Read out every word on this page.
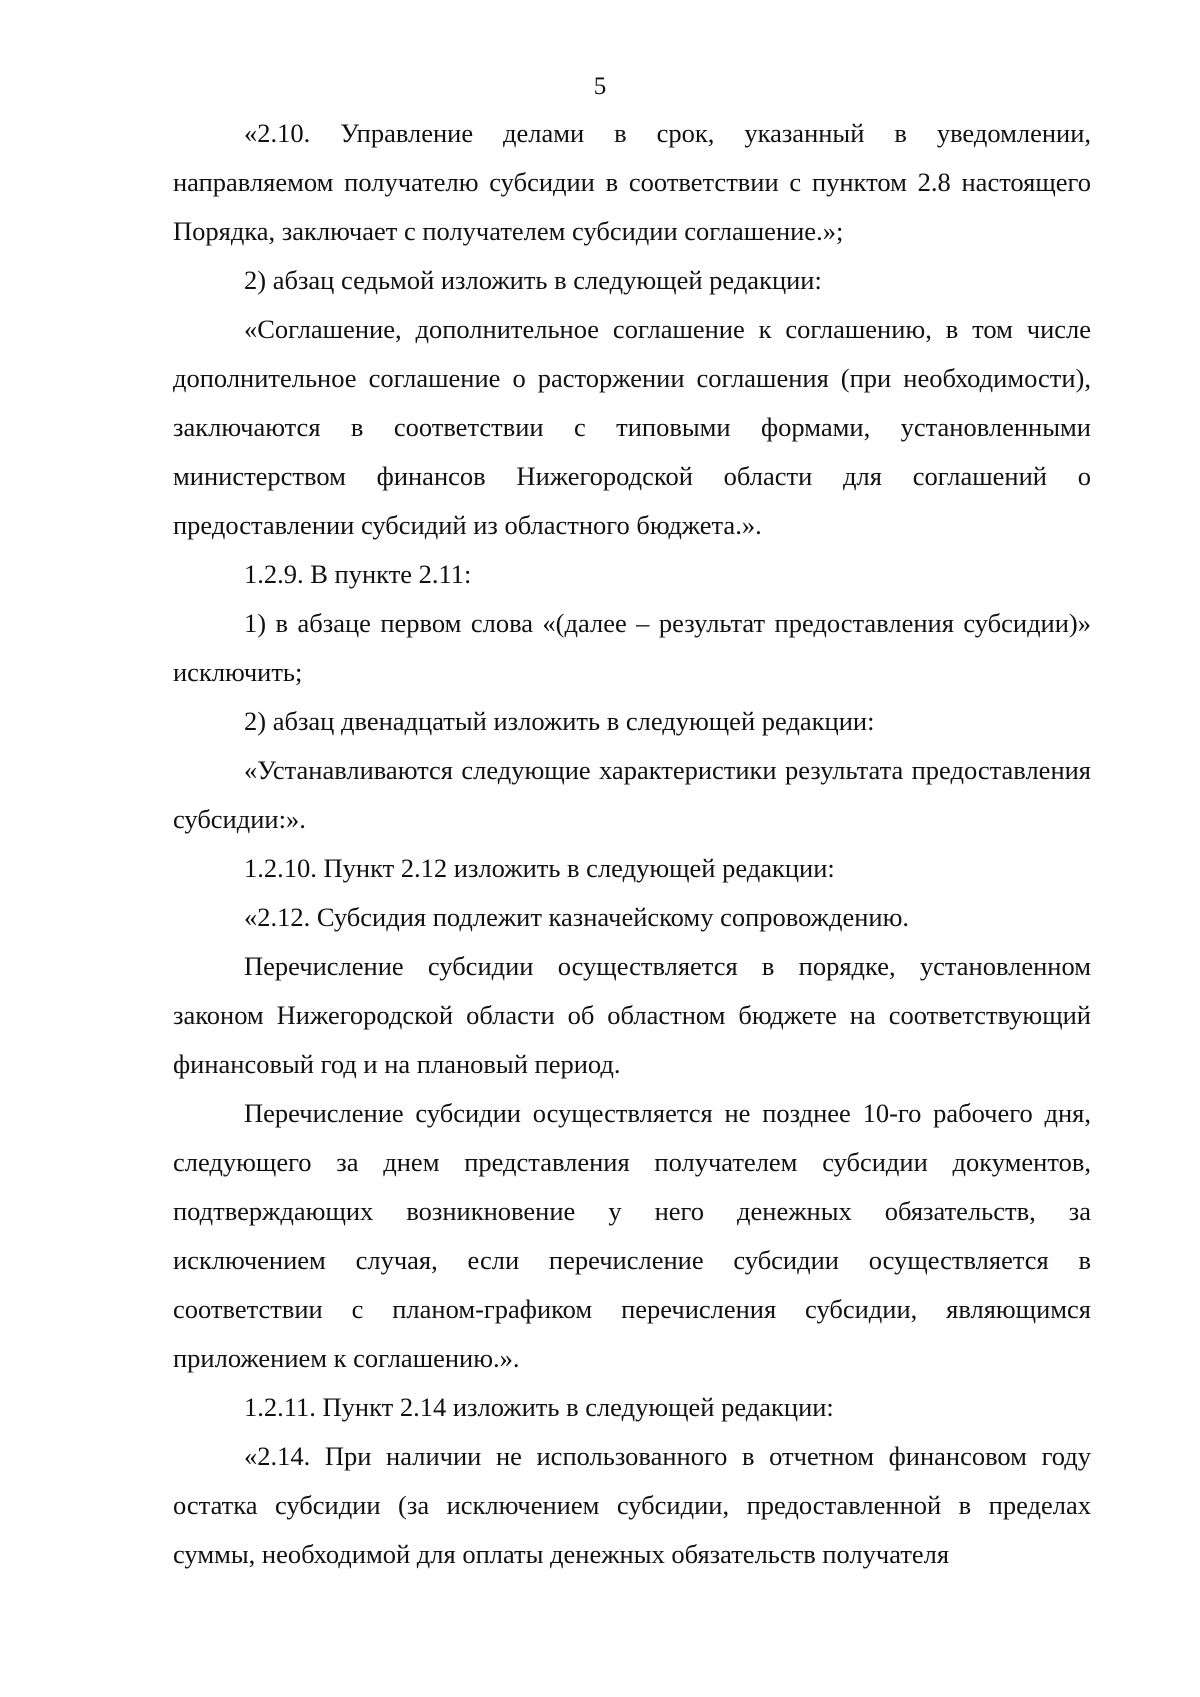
5

«2.10. Управление делами в срок, указанный в уведомлении, направляемом получателю субсидии в соответствии с пунктом 2.8 настоящего Порядка, заключает с получателем субсидии соглашение.»;

2) абзац седьмой изложить в следующей редакции:

«Соглашение, дополнительное соглашение к соглашению, в том числе дополнительное соглашение о расторжении соглашения (при необходимости), заключаются в соответствии с типовыми формами, установленными министерством финансов Нижегородской области для соглашений о предоставлении субсидий из областного бюджета.».

1.2.9. В пункте 2.11:

1) в абзаце первом слова «(далее – результат предоставления субсидии)» исключить;

2) абзац двенадцатый изложить в следующей редакции:

«Устанавливаются следующие характеристики результата предоставления субсидии:».

1.2.10. Пункт 2.12 изложить в следующей редакции:

«2.12. Субсидия подлежит казначейскому сопровождению.

Перечисление субсидии осуществляется в порядке, установленном законом Нижегородской области об областном бюджете на соответствующий финансовый год и на плановый период.

Перечисление субсидии осуществляется не позднее 10-го рабочего дня, следующего за днем представления получателем субсидии документов, подтверждающих возникновение у него денежных обязательств, за исключением случая, если перечисление субсидии осуществляется в соответствии с планом-графиком перечисления субсидии, являющимся приложением к соглашению.».

1.2.11. Пункт 2.14 изложить в следующей редакции:

«2.14. При наличии не использованного в отчетном финансовом году остатка субсидии (за исключением субсидии, предоставленной в пределах суммы, необходимой для оплаты денежных обязательств получателя
